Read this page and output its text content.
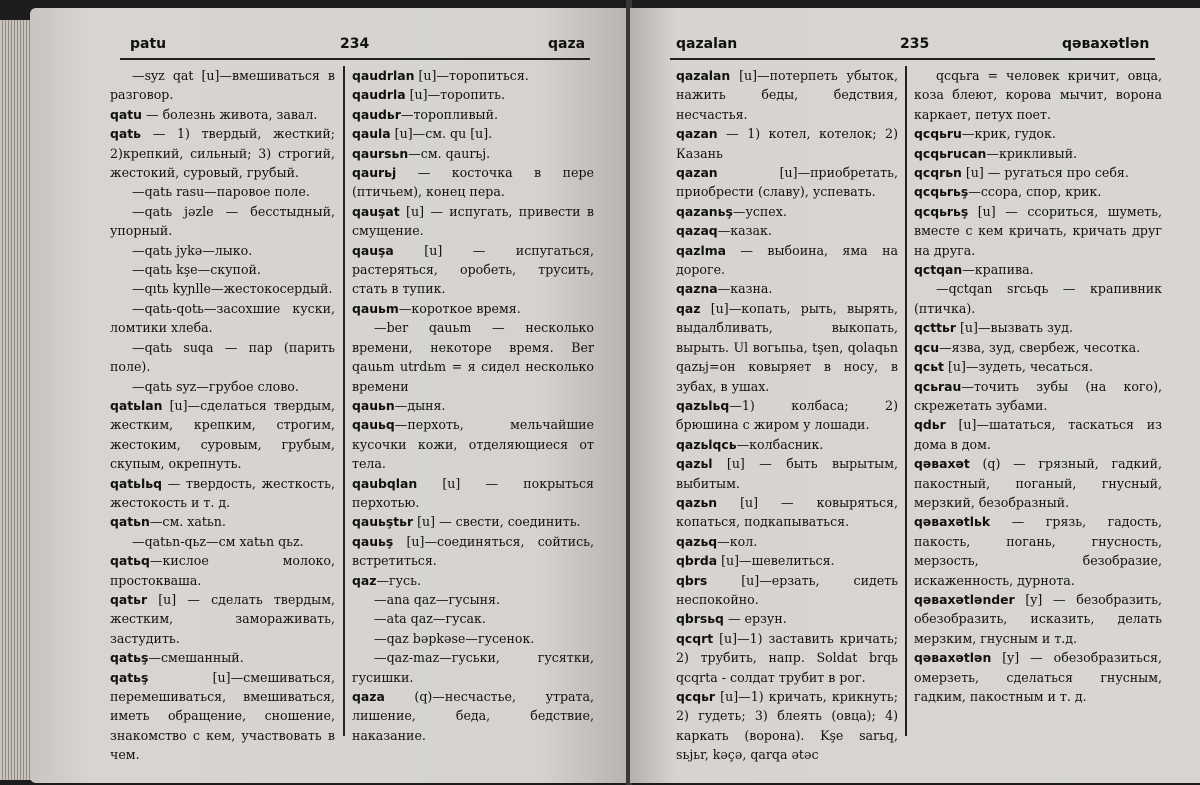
patu	234	qaza

—syz qat [u]—вмешиваться в разговор.

qatu — болезнь живота, завал.

qatь — 1) твердый, жесткий; 2)крепкий, сильный; 3) строгий, жестокий, суровый, грубый.

—qatь rasu—паровое поле.

—qatь jəzle — бесстыдный, упорный.

—qatь jykə—лыко.

—qatь kşe—скупой.

—qıtь kyɲlle—жестокосердый.

—qatь-qotь—засохшие куски, ломтики хлеба.

—qatь suqa — пар (парить поле).

—qatь syz—грубое слово.

qatьlan [u]—сделаться твердым, жестким, крепким, строгим, жестоким, суровым, грубым, скупым, окрепнуть.

qatьlьq — твердость, жесткость, жестокость и т. д.

qatьn—см. xatьn.

—qatьn-qьz—см xatьn qьz.

qatьq—кислое молоко, простокваша.

qatьr [u] — сделать твердым, жестким, замораживать, застудить.

qatьş—смешанный.

qatьş [u]—смешиваться, перемешиваться, вмешиваться, иметь обращение, сношение, знакомство с кем, участвовать в чем.

qaudrlan [u]—торопиться.

qaudrla [u]—торопить.

qaudьr—торопливый.

qaula [u]—см. qu [u].

qaursьn—см. qaurьj.

qaurьj — косточка в пере (птичьем), конец пера.

qauşat [u] — испугать, привести в смущение.

qauşa [u] — испугаться, растеряться, оробеть, трусить, стать в тупик.

qauьm—короткое время.

—ber qauьm — несколько времени, некоторе время. Ber qauьm utrdьm = я сидел несколько времени

qauьn—дыня.

qauьq—перхоть, мельчайшие кусочки кожи, отделяющиеся от тела.

qaubqlan [u] — покрыться перхотью.

qauьştьr [u] — свести, соединить.

qauьş [u]—соединяться, сойтись, встретиться.

qaz—гусь.

—ana qaz—гусыня.

—ata qaz—гусак.

—qaz bəpkəse—гусенок.

—qaz-maz—гуськи, гусятки, гусишки.

qaza (q)—несчастье, утрата, лишение, беда, бедствие, наказание.

qazalan	235	qəвaxətlən

qazalan [u]—потерпеть убыток, нажить беды, бедствия, несчастья.

qazan — 1) котел, котелок; 2) Казань

qazan [u]—приобретать, приобрести (славу), успевать.

qazanьş—успех.

qazaq—казак.

qazlma — выбоина, яма на дороге.

qazna—казна.

qaz [u]—копать, рыть, вырять, выдалбливать, выкопать, вырыть. Ul вогьпьа, tşen, qolaqьn qazьj=он ковыряет в носу, в зубах, в ушах.

qazьlьq—1) колбаса; 2) брюшина с жиром у лошади.

qazьlqcь—колбасник.

qazьl [u] — быть вырытым, выбитым.

qazьn [u] — ковыряться, копаться, подкапываться.

qazьq—кол.

qbrda [u]—шевелиться.

qbrs [u]—ерзать, сидеть неспокойно.

qbrsьq — ерзун.

qcqrt [u]—1) заставить кричать; 2) трубить, напр. Soldat brqь qcqrta - солдат трубит в рог.

qcqьr [u]—1) кричать, крикнуть; 2) гудеть; 3) блеять (овца); 4) каркать (ворона). Kşe sarьq, sьjьr, kəçə, qarqa ətəc

qcqьra = человек кричит, овца, коза блеют, корова мычит, ворона каркает, петух поет.

qcqьru—крик, гудок.

qcqьrucan—крикливый.

qcqrьn [u] — ругаться про себя.

qcqьrьş—ссора, спор, крик.

qcqьrьş [u] — ссориться, шуметь, вместе с кем кричать, кричать друг на друга.

qctqan—крапива.

—qctqan srcьqь — крапивник (птичка).

qcttьr [u]—вызвать зуд.

qcu—язва, зуд, свербеж, чесотка.

qcьt [u]—зудеть, чесаться.

qcьrau—точить зубы (на кого), скрежетать зубами.

qdьr [u]—шататься, таскаться из дома в дом.

qəвaxət (q) — грязный, гадкий, пакостный, поганый, гнусный, мерзкий, безобразный.

qəвaxətlьk — грязь, гадость, пакость, погань, гнусность, мерзость, безобразие, искаженность, дурнота.

qəвaxətlənder [y] — безобразить, обезобразить, исказить, делать мерзким, гнусным и т.д.

qəвaxətlən [y] — обезобразиться, омерзеть, сделаться гнусным, гадким, пакостным и т. д.
